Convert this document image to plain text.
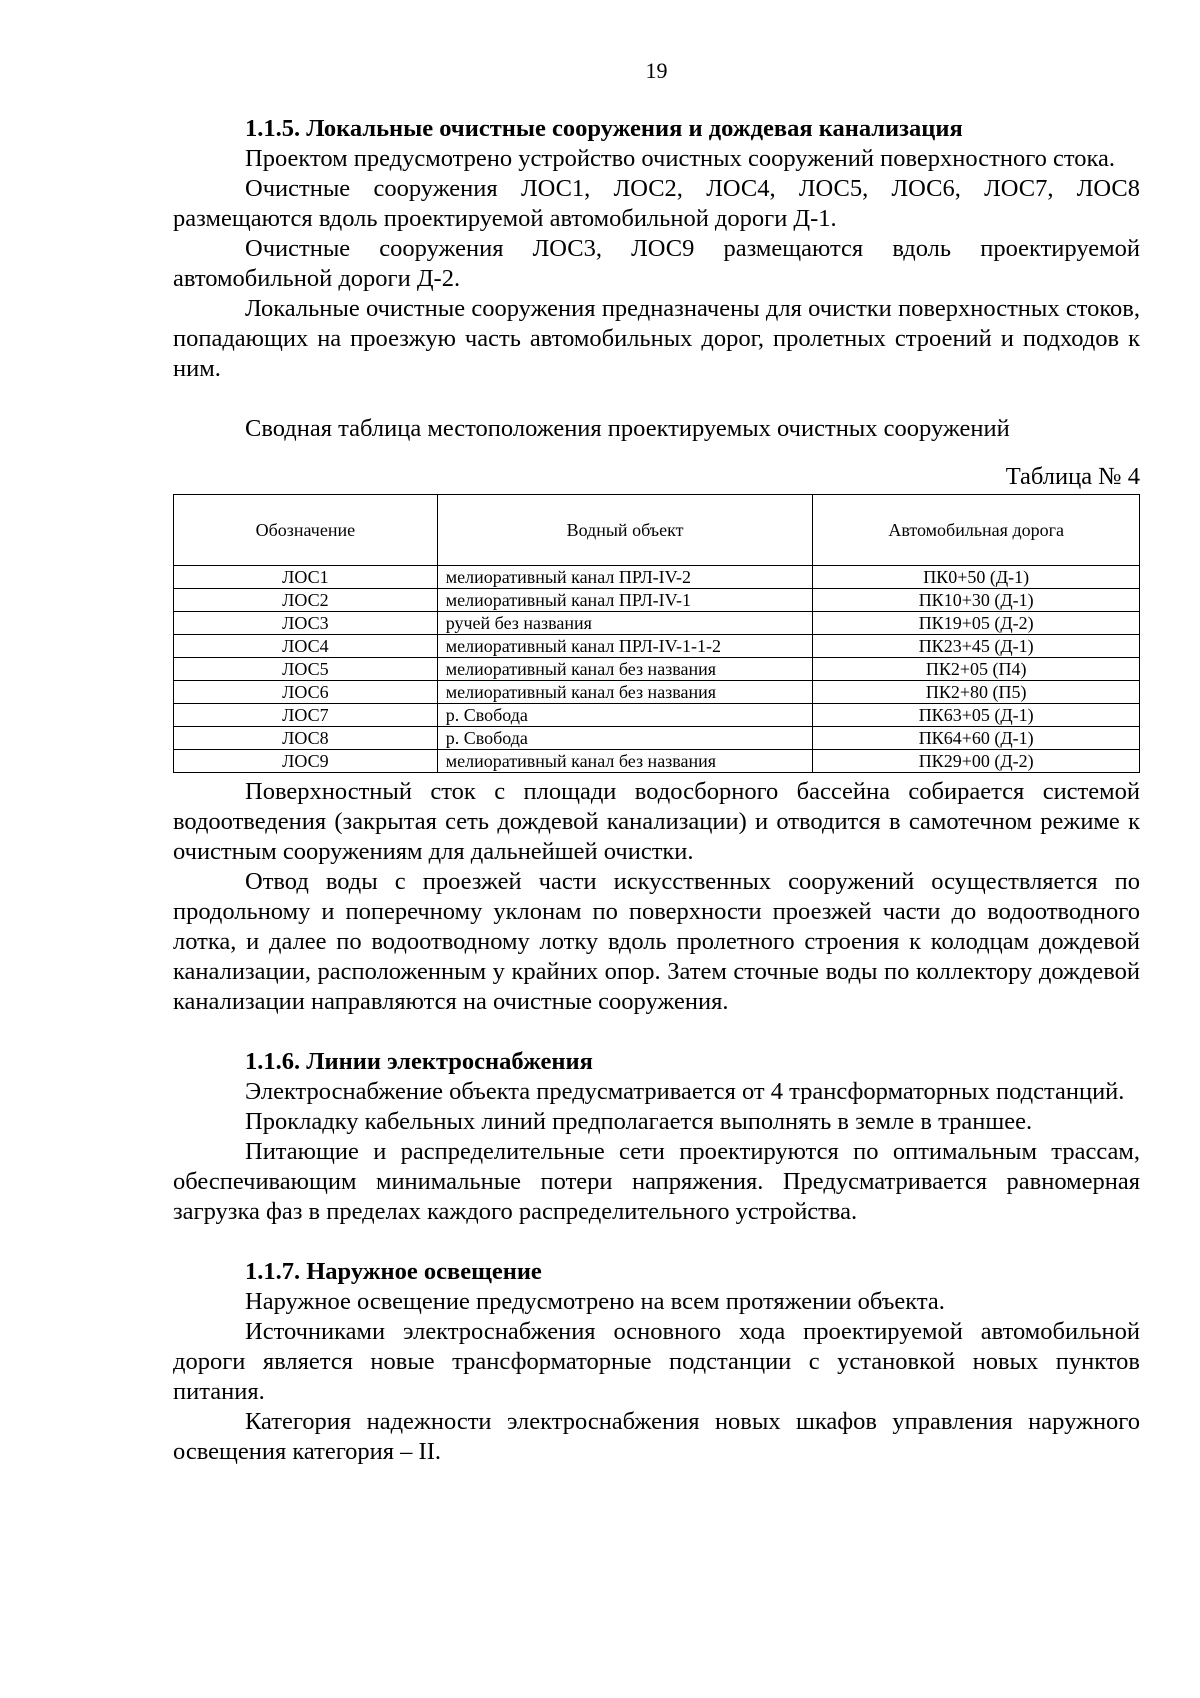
19
1.1.5. Локальные очистные сооружения и дождевая канализация

Проектом предусмотрено устройство очистных сооружений поверхностного стока.

Очистные сооружения ЛОС1, ЛОС2, ЛОС4, ЛОС5, ЛОС6, ЛОС7, ЛОС8 размещаются вдоль проектируемой автомобильной дороги Д-1.

Очистные сооружения ЛОС3, ЛОС9 размещаются вдоль проектируемой автомобильной дороги Д-2.

Локальные очистные сооружения предназначены для очистки поверхностных стоков, попадающих на проезжую часть автомобильных дорог, пролетных строений и подходов к ним.

Сводная таблица местоположения проектируемых очистных сооружений
Таблица № 4
Обозначение	Водный объект	Автомобильная дорога
ЛОС1	мелиоративный канал ПРЛ-IV-2	ПК0+50 (Д-1)
ЛОС2	мелиоративный канал ПРЛ-IV-1	ПК10+30 (Д-1)
ЛОС3	ручей без названия	ПК19+05 (Д-2)
ЛОС4	мелиоративный канал ПРЛ-IV-1-1-2	ПК23+45 (Д-1)
ЛОС5	мелиоративный канал без названия	ПК2+05 (П4)
ЛОС6	мелиоративный канал без названия	ПК2+80 (П5)
ЛОС7	р. Свобода	ПК63+05 (Д-1)
ЛОС8	р. Свобода	ПК64+60 (Д-1)
ЛОС9	мелиоративный канал без названия	ПК29+00 (Д-2)

Поверхностный сток с площади водосборного бассейна собирается системой водоотведения (закрытая сеть дождевой канализации) и отводится в самотечном режиме к очистным сооружениям для дальнейшей очистки.

Отвод воды с проезжей части искусственных сооружений осуществляется по продольному и поперечному уклонам по поверхности проезжей части до водоотводного лотка, и далее по водоотводному лотку вдоль пролетного строения к колодцам дождевой канализации, расположенным у крайних опор. Затем сточные воды по коллектору дождевой канализации направляются на очистные сооружения.

1.1.6. Линии электроснабжения

Электроснабжение объекта предусматривается от 4 трансформаторных подстанций.

Прокладку кабельных линий предполагается выполнять в земле в траншее.

Питающие и распределительные сети проектируются по оптимальным трассам, обеспечивающим минимальные потери напряжения. Предусматривается равномерная загрузка фаз в пределах каждого распределительного устройства.

1.1.7. Наружное освещение

Наружное освещение предусмотрено на всем протяжении объекта.

Источниками электроснабжения основного хода проектируемой автомобильной дороги является новые трансформаторные подстанции с установкой новых пунктов питания.

Категория надежности электроснабжения новых шкафов управления наружного освещения категория – II.
